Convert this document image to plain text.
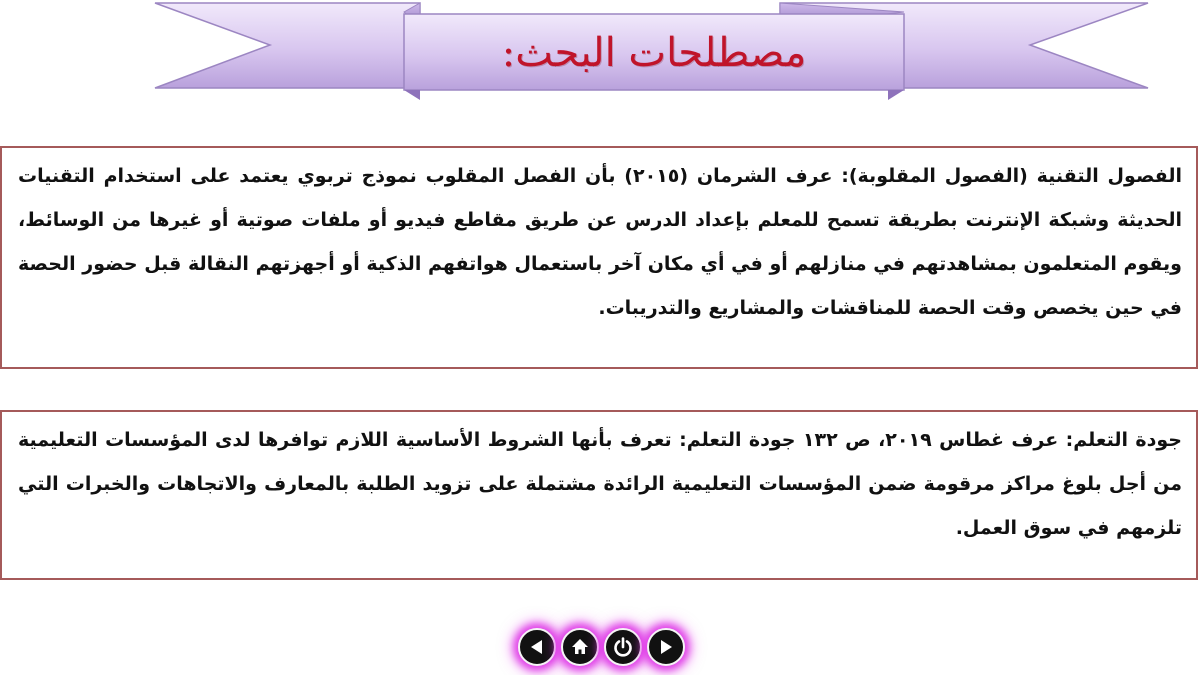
مصطلحات البحث:
الفصول التقنية (الفصول المقلوبة): عرف الشرمان (٢٠١٥) بأن الفصل المقلوب نموذج تربوي يعتمد على استخدام التقنيات الحديثة وشبكة الإنترنت بطريقة تسمح للمعلم بإعداد الدرس عن طريق مقاطع فيديو أو ملفات صوتية أو غيرها من الوسائط، ويقوم المتعلمون بمشاهدتهم في منازلهم أو في أي مكان آخر باستعمال هواتفهم الذكية أو أجهزتهم النقالة قبل حضور الحصة في حين يخصص وقت الحصة للمناقشات والمشاريع والتدريبات.
جودة التعلم: عرف غطاس ٢٠١٩، ص ١٣٢ جودة التعلم: تعرف بأنها الشروط الأساسية اللازم توافرها لدى المؤسسات التعليمية من أجل بلوغ مراكز مرقومة ضمن المؤسسات التعليمية الرائدة مشتملة على تزويد الطلبة بالمعارف والاتجاهات والخبرات التي تلزمهم في سوق العمل.
